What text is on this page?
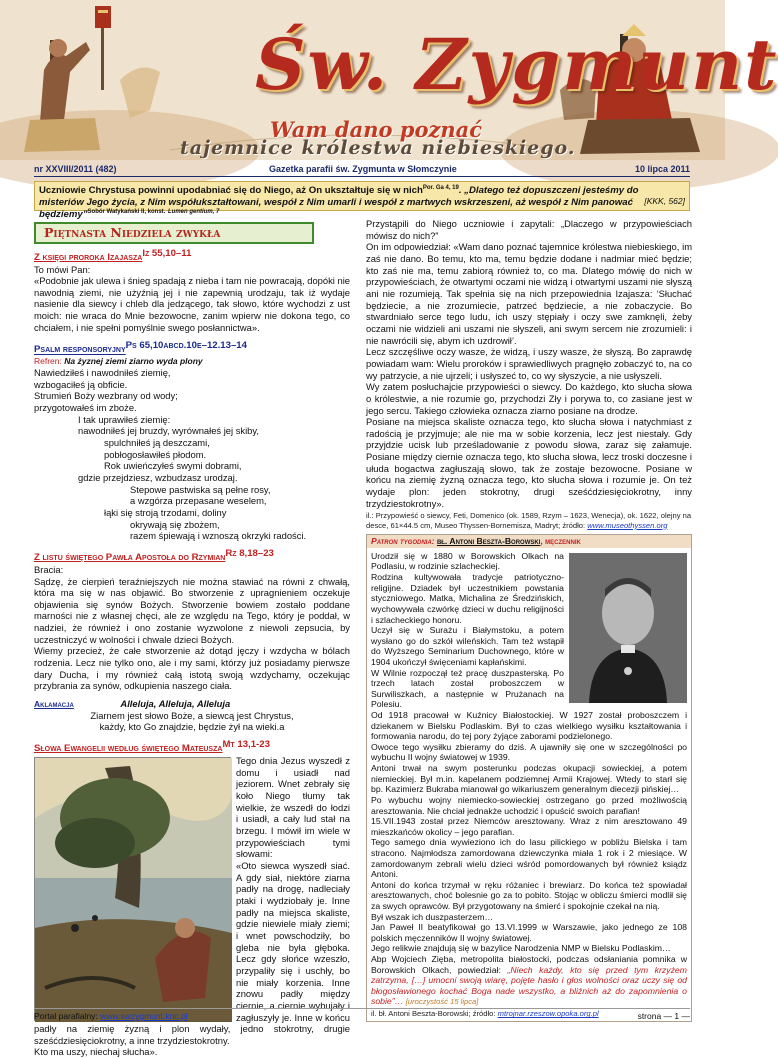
Św. Zygmunt
Wam dano poznać
tajemnice królestwa niebieskiego.
nr XXVIII/2011 (482)	Gazetka parafii św. Zygmunta w Słomczynie	10 lipca 2011
Uczniowie Chrystusa powinni upodabniać się do Niego, aż On ukształtuje się w nich$^{Por. Ga 4, 19}$. „Dlatego też dopuszczeni jesteśmy do misteriów Jego życia, z Nim współukształtowani, wespół z Nim umarli i wespół z martwych wskrzeszeni, aż wespół z Nim panować będziemy”$^{Sobór Watykański II, konst.}$ $^{Lumen gentium, 7}$
[KKK, 562]
Piętnasta Niedziela zwykła
Z księgi proroka Izajasza$^{Iz 55,10-11}$

To mówi Pan:

«Podobnie jak ulewa i śnieg spadają z nieba i tam nie powracają, dopóki nie nawodnią ziemi, nie użyźnią jej i nie zapewnią urodzaju, tak iż wydaje nasienie dla siewcy i chleb dla jedzącego, tak słowo, które wychodzi z ust moich: nie wraca do Mnie bezowocne, zanim wpierw nie dokona tego, co chciałem, i nie spełni pomyślnie swego posłannictwa».

Psalm responsoryjny$^{Ps 65,10abcd.10e-12.13-14}$

Refren: Na żyznej ziemi ziarno wyda plony

Nawiedziłeś i nawodniłeś ziemię,

wzbogaciłeś ją obficie.

Strumień Boży wezbrany od wody;

przygotowałeś im zboże.

I tak uprawiłeś ziemię:

nawodniłeś jej bruzdy, wyrównałeś jej skiby,

spulchniłeś ją deszczami,

pobłogosławiłeś płodom.

Rok uwieńczyłeś swymi dobrami,

gdzie przejdziesz, wzbudzasz urodzaj.

Stepowe pastwiska są pełne rosy,

a wzgórza przepasane weselem,

łąki się stroją trzodami, doliny

okrywają się zbożem,

razem śpiewają i wznoszą okrzyki radości.

Z listu świętego Pawła Apostoła do Rzymian$^{Rz 8,18-23}$

Bracia:

Sądzę, że cierpień teraźniejszych nie można stawiać na równi z chwałą, która ma się w nas objawić. Bo stworzenie z upragnieniem oczekuje objawienia się synów Bożych. Stworzenie bowiem zostało poddane marności nie z własnej chęci, ale ze względu na Tego, który je poddał, w nadziei, że również i ono zostanie wyzwolone z niewoli zepsucia, by uczestniczyć w wolności i chwale dzieci Bożych.

Wiemy przecież, że całe stworzenie aż dotąd jęczy i wzdycha w bólach rodzenia. Lecz nie tylko ono, ale i my sami, którzy już posiadamy pierwsze dary Ducha, i my również całą istotą swoją wzdychamy, oczekując przybrania za synów, odkupienia naszego ciała.

Aklamacja	Alleluja, Alleluja, Alleluja

Ziarnem jest słowo Boże, a siewcą jest Chrystus,

każdy, kto Go znajdzie, będzie żył na wieki.a

Słowa Ewangelii według świętego Mateusza$^{Mt 13,1-23}$

Tego dnia Jezus wyszedł z domu i usiadł nad jeziorem. Wnet zebrały się koło Niego tłumy tak wielkie, że wszedł do łodzi i usiadł, a cały lud stał na brzegu. I mówił im wiele w przypowieściach tymi słowami:

«Oto siewca wyszedł siać. A gdy siał, niektóre ziarna padły na drogę, nadleciały ptaki i wydziobały je. Inne padły na miejsca skaliste, gdzie niewiele miały ziemi; i wnet powschodziły, bo gleba nie była głęboka. Lecz gdy słońce wzeszło, przypaliły się i uschły, bo nie miały korzenia. Inne znowu padły między ciernie, a ciernie wybujały i zagłuszyły je. Inne w końcu padły na ziemię żyzną i plon wydały, jedno stokrotny, drugie sześćdziesięciokrotny, a inne trzydziestokrotny.

Kto ma uszy, niechaj słucha».

Przystąpili do Niego uczniowie i zapytali: „Dlaczego w przypowieściach mówisz do nich?”

On im odpowiedział: «Wam dano poznać tajemnice królestwa niebieskiego, im zaś nie dano. Bo temu, kto ma, temu będzie dodane i nadmiar mieć będzie; kto zaś nie ma, temu zabiorą również to, co ma. Dlatego mówię do nich w przypowieściach, że otwartymi oczami nie widzą i otwartymi uszami nie słyszą ani nie rozumieją. Tak spełnia się na nich przepowiednia Izajasza: ‘Słuchać będziecie, a nie zrozumiecie, patrzeć będziecie, a nie zobaczycie. Bo stwardniało serce tego ludu, ich uszy stępiały i oczy swe zamknęli, żeby oczami nie widzieli ani uszami nie słyszeli, ani swym sercem nie zrozumieli: i nie nawrócili się, abym ich uzdrowił’.

Lecz szczęśliwe oczy wasze, że widzą, i uszy wasze, że słyszą. Bo zaprawdę powiadam wam: Wielu proroków i sprawiedliwych pragnęło zobaczyć to, na co wy patrzycie, a nie ujrzeli; i usłyszeć to, co wy słyszycie, a nie usłyszeli.

Wy zatem posłuchajcie przypowieści o siewcy. Do każdego, kto słucha słowa o królestwie, a nie rozumie go, przychodzi Zły i porywa to, co zasiane jest w jego sercu. Takiego człowieka oznacza ziarno posiane na drodze.

Posiane na miejsca skaliste oznacza tego, kto słucha słowa i natychmiast z radością je przyjmuje; ale nie ma w sobie korzenia, lecz jest niestały. Gdy przyjdzie ucisk lub prześladowanie z powodu słowa, zaraz się załamuje. Posiane między ciernie oznacza tego, kto słucha słowa, lecz troski doczesne i ułuda bogactwa zagłuszają słowo, tak że zostaje bezowocne. Posiane w końcu na ziemię żyzną oznacza tego, kto słucha słowa i rozumie je. On też wydaje plon: jeden stokrotny, drugi sześćdziesięciokrotny, inny trzydziestokrotny».

il.: Przypowieść o siewcy, Feti, Domenico (ok. 1589, Rzym – 1623, Wenecja), ok. 1622, olejny na desce, 61×44.5 cm, Museo Thyssen-Bornemisza, Madryt; źródło: www.museothyssen.org
Patron tygodnia: bł. Antoni Beszta-Borowski, męczennik

Urodził się w 1880 w Borowskich Olkach na Podlasiu, w rodzinie szlacheckiej.

Rodzina kultywowała tradycje patriotyczno-religijne. Dziadek był uczestnikiem powstania styczniowego. Matka, Michalina ze Średzińskich, wychowywała czwórkę dzieci w duchu religijności i szlacheckiego honoru.

Uczył się w Surażu i Białymstoku, a potem wysłano go do szkół wileńskich. Tam też wstąpił do Wyższego Seminarium Duchownego, które w 1904 ukończył święceniami kapłańskimi.

W Wilnie rozpoczął też pracę duszpasterską. Po trzech latach został proboszczem w Surwiliszkach, a następnie w Prużanach na Polesiu.

Od 1918 pracował w Kuźnicy Białostockiej. W 1927 został proboszczem i dziekanem w Bielsku Podlaskim. Był to czas wielkiego wysiłku kształtowania i formowania narodu, do tej pory żyjące zaborami podzielonego.

Owoce tego wysiłku zbieramy do dziś. A ujawniły się one w szczególności po wybuchu II wojny światowej w 1939.

Antoni trwał na swym posterunku podczas okupacji sowieckiej, a potem niemieckiej. Był m.in. kapelanem podziemnej Armii Krajowej. Wtedy to starł się bp. Kazimierz Bukraba mianował go wikariuszem generalnym diecezji pińskiej…

Po wybuchu wojny niemiecko-sowieckiej ostrzegano go przed możliwością aresztowania. Nie chciał jednakże uchodzić i opuścić swoich parafian!

15.VII.1943 został przez Niemców aresztowany. Wraz z nim aresztowano 49 mieszkańców okolicy – jego parafian.

Tego samego dnia wywieziono ich do lasu pilickiego w pobliżu Bielska i tam stracono. Najmłodsza zamordowana dziewczynka miała 1 rok i 2 miesiące. W zamordowanym zebrali wielu dzieci wśród pomordowanych był również ksiądz Antoni.

Antoni do końca trzymał w ręku różaniec i brewiarz. Do końca też spowiadał aresztowanych, choć bolesnie go za to pobito. Stojąc w obliczu śmierci modlił się za swych oprawców. Był przygotowany na śmierć i spokojnie czekał na nią.

Był wszak ich duszpasterzem…

Jan Paweł II beatyfikował go 13.VI.1999 w Warszawie, jako jednego ze 108 polskich męczenników II wojny światowej.

Jego relikwie znajdują się w bazylice Narodzenia NMP w Bielsku Podlaskim…

Abp Wojciech Zięba, metropolita białostocki, podczas odsłaniania pomnika w Borowskich Olkach, powiedział: „Niech każdy, kto się przed tym krzyżem zatrzyma, […] umocni swoją wiarę, pojęte hasło i głos wolności oraz uczy się od błogosławionego kochać Boga nade wszystko, a bliźnich aż do zapomnienia o sobie”… [uroczystość 15 lipca]

il. bł. Antoni Beszta-Borowski; źródło: mtrojnar.rzeszow.opoka.org.pl
Portal parafialny: www.swzygmunt.knc.pl	strona — 1 —
